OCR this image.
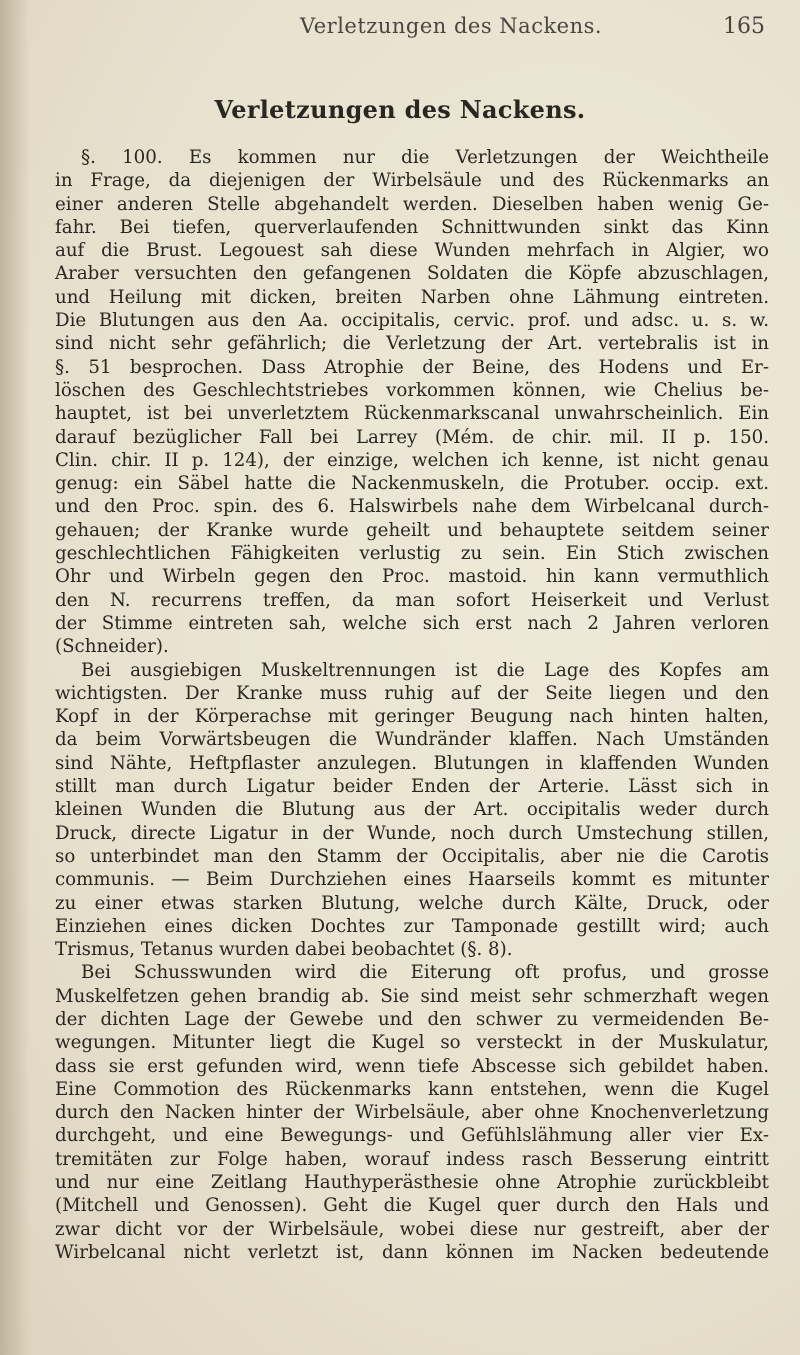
Verletzungen des Nackens.	165
Verletzungen des Nackens.
§. 100. Es kommen nur die Verletzungen der Weichtheile
in Frage, da diejenigen der Wirbelsäule und des Rückenmarks an
einer anderen Stelle abgehandelt werden. Dieselben haben wenig Ge-
fahr. Bei tiefen, querverlaufenden Schnittwunden sinkt das Kinn
auf die Brust. Legouest sah diese Wunden mehrfach in Algier, wo
Araber versuchten den gefangenen Soldaten die Köpfe abzuschlagen,
und Heilung mit dicken, breiten Narben ohne Lähmung eintreten.
Die Blutungen aus den Aa. occipitalis, cervic. prof. und adsc. u. s. w.
sind nicht sehr gefährlich; die Verletzung der Art. vertebralis ist in
§. 51 besprochen. Dass Atrophie der Beine, des Hodens und Er-
löschen des Geschlechtstriebes vorkommen können, wie Chelius be-
hauptet, ist bei unverletztem Rückenmarkscanal unwahrscheinlich. Ein
darauf bezüglicher Fall bei Larrey (Mém. de chir. mil. II p. 150.
Clin. chir. II p. 124), der einzige, welchen ich kenne, ist nicht genau
genug: ein Säbel hatte die Nackenmuskeln, die Protuber. occip. ext.
und den Proc. spin. des 6. Halswirbels nahe dem Wirbelcanal durch-
gehauen; der Kranke wurde geheilt und behauptete seitdem seiner
geschlechtlichen Fähigkeiten verlustig zu sein. Ein Stich zwischen
Ohr und Wirbeln gegen den Proc. mastoid. hin kann vermuthlich
den N. recurrens treffen, da man sofort Heiserkeit und Verlust
der Stimme eintreten sah, welche sich erst nach 2 Jahren verloren
(Schneider).
Bei ausgiebigen Muskeltrennungen ist die Lage des Kopfes am
wichtigsten. Der Kranke muss ruhig auf der Seite liegen und den
Kopf in der Körperachse mit geringer Beugung nach hinten halten,
da beim Vorwärtsbeugen die Wundränder klaffen. Nach Umständen
sind Nähte, Heftpflaster anzulegen. Blutungen in klaffenden Wunden
stillt man durch Ligatur beider Enden der Arterie. Lässt sich in
kleinen Wunden die Blutung aus der Art. occipitalis weder durch
Druck, directe Ligatur in der Wunde, noch durch Umstechung stillen,
so unterbindet man den Stamm der Occipitalis, aber nie die Carotis
communis. — Beim Durchziehen eines Haarseils kommt es mitunter
zu einer etwas starken Blutung, welche durch Kälte, Druck, oder
Einziehen eines dicken Dochtes zur Tamponade gestillt wird; auch
Trismus, Tetanus wurden dabei beobachtet (§. 8).
Bei Schusswunden wird die Eiterung oft profus, und grosse
Muskelfetzen gehen brandig ab. Sie sind meist sehr schmerzhaft wegen
der dichten Lage der Gewebe und den schwer zu vermeidenden Be-
wegungen. Mitunter liegt die Kugel so versteckt in der Muskulatur,
dass sie erst gefunden wird, wenn tiefe Abscesse sich gebildet haben.
Eine Commotion des Rückenmarks kann entstehen, wenn die Kugel
durch den Nacken hinter der Wirbelsäule, aber ohne Knochenverletzung
durchgeht, und eine Bewegungs- und Gefühlslähmung aller vier Ex-
tremitäten zur Folge haben, worauf indess rasch Besserung eintritt
und nur eine Zeitlang Hauthyperästhesie ohne Atrophie zurückbleibt
(Mitchell und Genossen). Geht die Kugel quer durch den Hals und
zwar dicht vor der Wirbelsäule, wobei diese nur gestreift, aber der
Wirbelcanal nicht verletzt ist, dann können im Nacken bedeutende
